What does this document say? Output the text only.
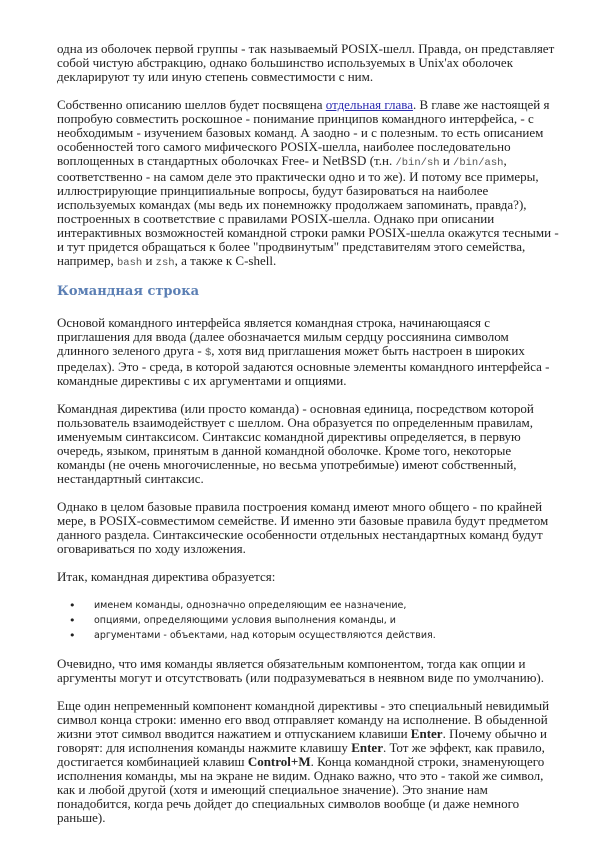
одна из оболочек первой группы - так называемый POSIX-шелл. Правда, он представляет собой чистую абстракцию, однако большинство используемых в Unix'ах оболочек декларируют ту или иную степень совместимости с ним.

Собственно описанию шеллов будет посвящена отдельная глава. В главе же настоящей я попробую совместить роскошное - понимание принципов командного интерфейса, - с необходимым - изучением базовых команд. А заодно - и с полезным. то есть описанием особенностей того самого мифического POSIX-шелла, наиболее последовательно воплощенных в стандартных оболочках Free- и NetBSD (т.н. /bin/sh и /bin/ash, соответственно - на самом деле это практически одно и то же). И потому все примеры, иллюстрирующие принципиальные вопросы, будут базироваться на наиболее используемых командах (мы ведь их понемножку продолжаем запоминать, правда?), построенных в соответствие с правилами POSIX-шелла. Однако при описании интерактивных возможностей командной строки рамки POSIX-шелла окажутся тесными - и тут придется обращаться к более "продвинутым" представителям этого семейства, например, bash и zsh, а также к C-shell.

Командная строка

Основой командного интерфейса является командная строка, начинающаяся с приглашения для ввода (далее обозначается милым сердцу россиянина символом длинного зеленого друга - $, хотя вид приглашения может быть настроен в широких пределах). Это - среда, в которой задаются основные элементы командного интерфейса - командные директивы с их аргументами и опциями.

Командная директива (или просто команда) - основная единица, посредством которой пользователь взаимодействует с шеллом. Она образуется по определенным правилам, именуемым синтаксисом. Синтаксис командной директивы определяется, в первую очередь, языком, принятым в данной командной оболочке. Кроме того, некоторые команды (не очень многочисленные, но весьма употребимые) имеют собственный, нестандартный синтаксис.

Однако в целом базовые правила построения команд имеют много общего - по крайней мере, в POSIX-совместимом семействе. И именно эти базовые правила будут предметом данного раздела. Синтаксические особенности отдельных нестандартных команд будут оговариваться по ходу изложения.

Итак, командная директива образуется:

• именем команды, однозначно определяющим ее назначение,
• опциями, определяющими условия выполнения команды, и
• аргументами - объектами, над которым осуществляются действия.

Очевидно, что имя команды является обязательным компонентом, тогда как опции и аргументы могут и отсутствовать (или подразумеваться в неявном виде по умолчанию).

Еще один непременный компонент командной директивы - это специальный невидимый символ конца строки: именно его ввод отправляет команду на исполнение. В обыденной жизни этот символ вводится нажатием и отпусканием клавиши Enter. Почему обычно и говорят: для исполнения команды нажмите клавишу Enter. Тот же эффект, как правило, достигается комбинацией клавиш Control+M. Конца командной строки, знаменующего исполнения команды, мы на экране не видим. Однако важно, что это - такой же символ, как и любой другой (хотя и имеющий специальное значение). Это знание нам понадобится, когда речь дойдет до специальных символов вообще (и даже немного раньше).
